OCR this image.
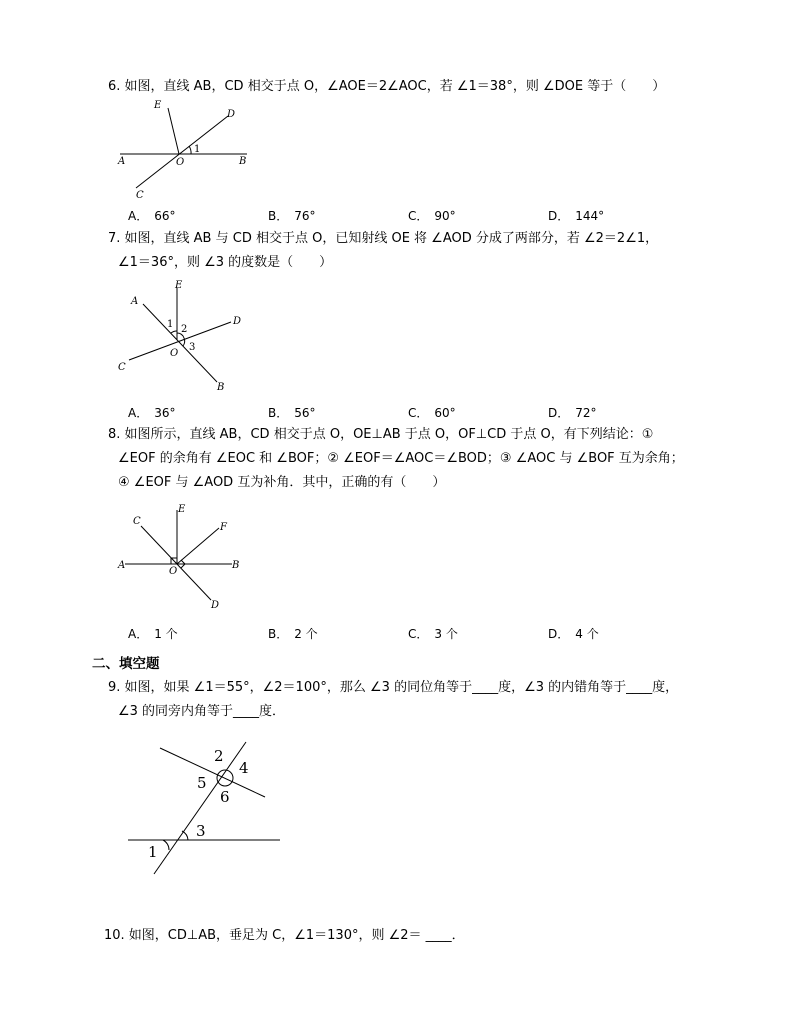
6. 如图，直线 AB，CD 相交于点 O，∠AOE＝2∠AOC，若 ∠1＝38°，则 ∠DOE 等于（　　）
E
D
A	O	B
C
1
A．　66°	B．　76°	C．　90°	D．　144°
7. 如图，直线 AB 与 CD 相交于点 O，已知射线 OE 将 ∠AOD 分成了两部分，若 ∠2＝2∠1，
∠1＝36°，则 ∠3 的度数是（　　）
A
E
D
C
O
B
1 2
3
A．　36°	B．　56°	C．　60°	D．　72°
8. 如图所示，直线 AB，CD 相交于点 O，OE⊥AB 于点 O，OF⊥CD 于点 O，有下列结论：①
∠EOF 的余角有 ∠EOC 和 ∠BOF；② ∠EOF＝∠AOC＝∠BOD；③ ∠AOC 与 ∠BOF 互为余角；
④ ∠EOF 与 ∠AOD 互为补角．其中，正确的有（　　）
C
E
F
A
O
B
D
A．　1 个	B．　2 个	C．　3 个	D．　4 个
二、填空题
9. 如图，如果 ∠1＝55°，∠2＝100°，那么 ∠3 的同位角等于____度，∠3 的内错角等于____度，
∠3 的同旁内角等于____度．
2
4
5
6
3
1
10. 如图，CD⊥AB，垂足为 C，∠1＝130°，则 ∠2＝ ____．
